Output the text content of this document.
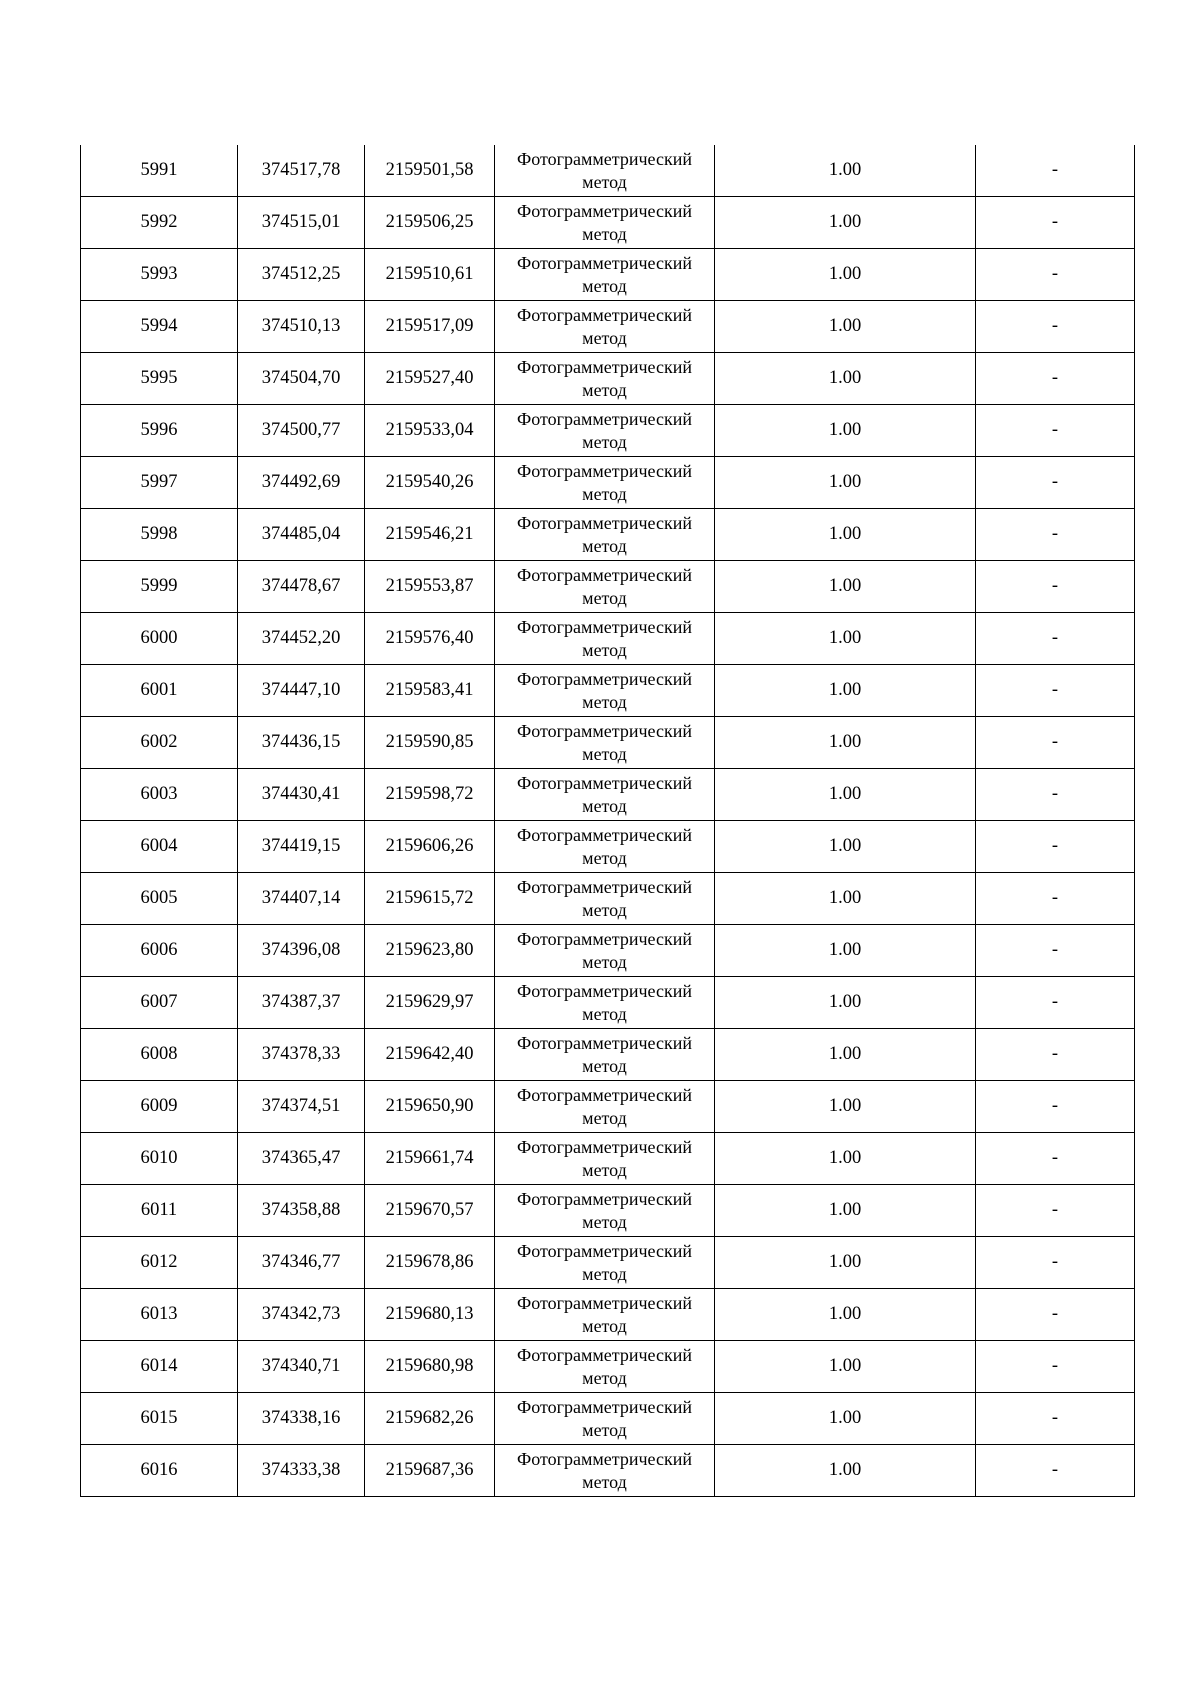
5991	374517,78	2159501,58	Фотограмметрический
метод	1.00	-
5992	374515,01	2159506,25	Фотограмметрический
метод	1.00	-
5993	374512,25	2159510,61	Фотограмметрический
метод	1.00	-
5994	374510,13	2159517,09	Фотограмметрический
метод	1.00	-
5995	374504,70	2159527,40	Фотограмметрический
метод	1.00	-
5996	374500,77	2159533,04	Фотограмметрический
метод	1.00	-
5997	374492,69	2159540,26	Фотограмметрический
метод	1.00	-
5998	374485,04	2159546,21	Фотограмметрический
метод	1.00	-
5999	374478,67	2159553,87	Фотограмметрический
метод	1.00	-
6000	374452,20	2159576,40	Фотограмметрический
метод	1.00	-
6001	374447,10	2159583,41	Фотограмметрический
метод	1.00	-
6002	374436,15	2159590,85	Фотограмметрический
метод	1.00	-
6003	374430,41	2159598,72	Фотограмметрический
метод	1.00	-
6004	374419,15	2159606,26	Фотограмметрический
метод	1.00	-
6005	374407,14	2159615,72	Фотограмметрический
метод	1.00	-
6006	374396,08	2159623,80	Фотограмметрический
метод	1.00	-
6007	374387,37	2159629,97	Фотограмметрический
метод	1.00	-
6008	374378,33	2159642,40	Фотограмметрический
метод	1.00	-
6009	374374,51	2159650,90	Фотограмметрический
метод	1.00	-
6010	374365,47	2159661,74	Фотограмметрический
метод	1.00	-
6011	374358,88	2159670,57	Фотограмметрический
метод	1.00	-
6012	374346,77	2159678,86	Фотограмметрический
метод	1.00	-
6013	374342,73	2159680,13	Фотограмметрический
метод	1.00	-
6014	374340,71	2159680,98	Фотограмметрический
метод	1.00	-
6015	374338,16	2159682,26	Фотограмметрический
метод	1.00	-
6016	374333,38	2159687,36	Фотограмметрический
метод	1.00	-
